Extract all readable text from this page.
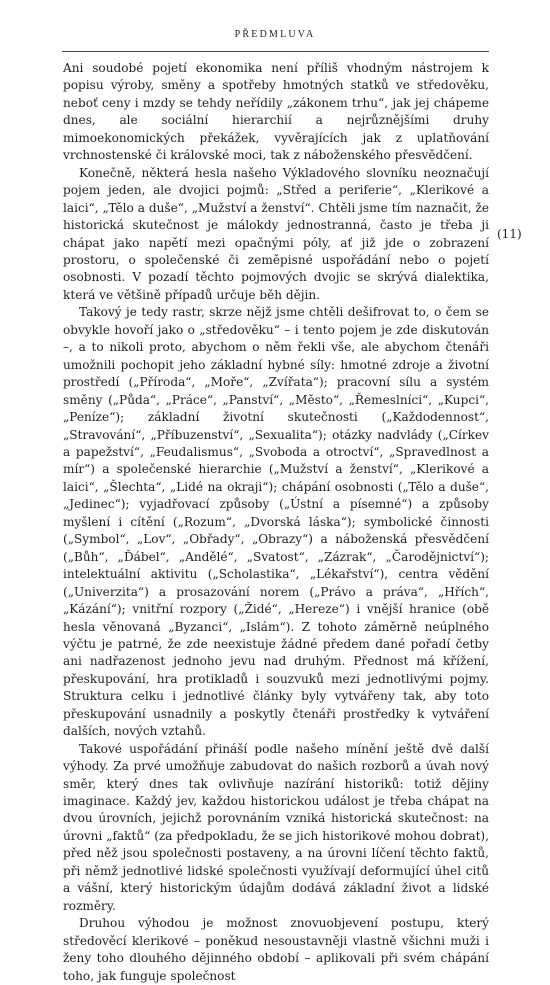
PŘEDMLUVA
(11)

Ani soudobé pojetí ekonomika není příliš vhodným nástrojem k popisu výroby, směny a spotřeby hmotných statků ve středověku, neboť ceny i mzdy se tehdy neřídily „zákonem trhu“, jak jej chápeme dnes, ale sociální hierarchií a nejrůznějšími druhy mimoekonomických překážek, vyvěrajících jak z uplatňování vrchnostenské či královské moci, tak z náboženského přesvědčení.

Konečně, některá hesla našeho Výkladového slovníku neoznačují pojem jeden, ale dvojici pojmů: „Střed a periferie“, „Klerikové a laici“, „Tělo a duše“, „Mužství a ženství“. Chtěli jsme tím naznačit, že historická skutečnost je málokdy jednostranná, často je třeba ji chápat jako napětí mezi opačnými póly, ať již jde o zobrazení prostoru, o společenské či zeměpisné uspořádání nebo o pojetí osobnosti. V pozadí těchto pojmových dvojic se skrývá dialektika, která ve většině případů určuje běh dějin.

Takový je tedy rastr, skrze nějž jsme chtěli dešifrovat to, o čem se obvykle hovoří jako o „středověku“ – i tento pojem je zde diskutován –, a to nikoli proto, abychom o něm řekli vše, ale abychom čtenáři umožnili pochopit jeho základní hybné síly: hmotné zdroje a životní prostředí („Příroda“, „Moře“, „Zvířata“); pracovní sílu a systém směny („Půda“, „Práce“, „Panství“, „Město“, „Řemeslníci“, „Kupci“, „Peníze“); základní životní skutečnosti („Každodennost“, „Stravování“, „Příbuzenství“, „Sexualita“); otázky nadvlády („Církev a papežství“, „Feudalismus“, „Svoboda a otroctví“, „Spravedlnost a mír“) a společenské hierarchie („Mužství a ženství“, „Klerikové a laici“, „Šlechta“, „Lidé na okraji“); chápání osobnosti („Tělo a duše“, „Jedinec“); vyjadřovací způsoby („Ústní a písemné“) a způsoby myšlení i cítění („Rozum“, „Dvorská láska“); symbolické činnosti („Symbol“, „Lov“, „Obřady“, „Obrazy“) a náboženská přesvědčení („Bůh“, „Ďábel“, „Andělé“, „Svatost“, „Zázrak“, „Čarodějnictví“); intelektuální aktivitu („Scholastika“, „Lékařství“), centra vědění („Univerzita“) a prosazování norem („Právo a práva“, „Hřích“, „Kázání“); vnitřní rozpory („Židé“, „Hereze“) i vnější hranice (obě hesla věnovaná „Byzanci“, „Islám“). Z tohoto záměrně neúplného výčtu je patrné, že zde neexistuje žádné předem dané pořadí četby ani nadřazenost jednoho jevu nad druhým. Přednost má křížení, přeskupování, hra protikladů i souzvuků mezi jednotlivými pojmy. Struktura celku i jednotlivé články byly vytvářeny tak, aby toto přeskupování usnadnily a poskytly čtenáři prostředky k vytváření dalších, nových vztahů.

Takové uspořádání přináší podle našeho mínění ještě dvě další výhody. Za prvé umožňuje zabudovat do našich rozborů a úvah nový směr, který dnes tak ovlivňuje nazírání historiků: totiž dějiny imaginace. Každý jev, každou historickou událost je třeba chápat na dvou úrovních, jejichž porovnáním vzniká historická skutečnost: na úrovni „faktů“ (za předpokladu, že se jich historikové mohou dobrat), před něž jsou společnosti postaveny, a na úrovni líčení těchto faktů, při němž jednotlivé lidské společnosti využívají deformující úhel citů a vášní, který historickým údajům dodává základní život a lidské rozměry.

Druhou výhodou je možnost znovuobjevení postupu, který středověcí klerikové – poněkud nesoustavněji vlastně všichni muži i ženy toho dlouhého dějinného období – aplikovali při svém chápání toho, jak funguje společnost
